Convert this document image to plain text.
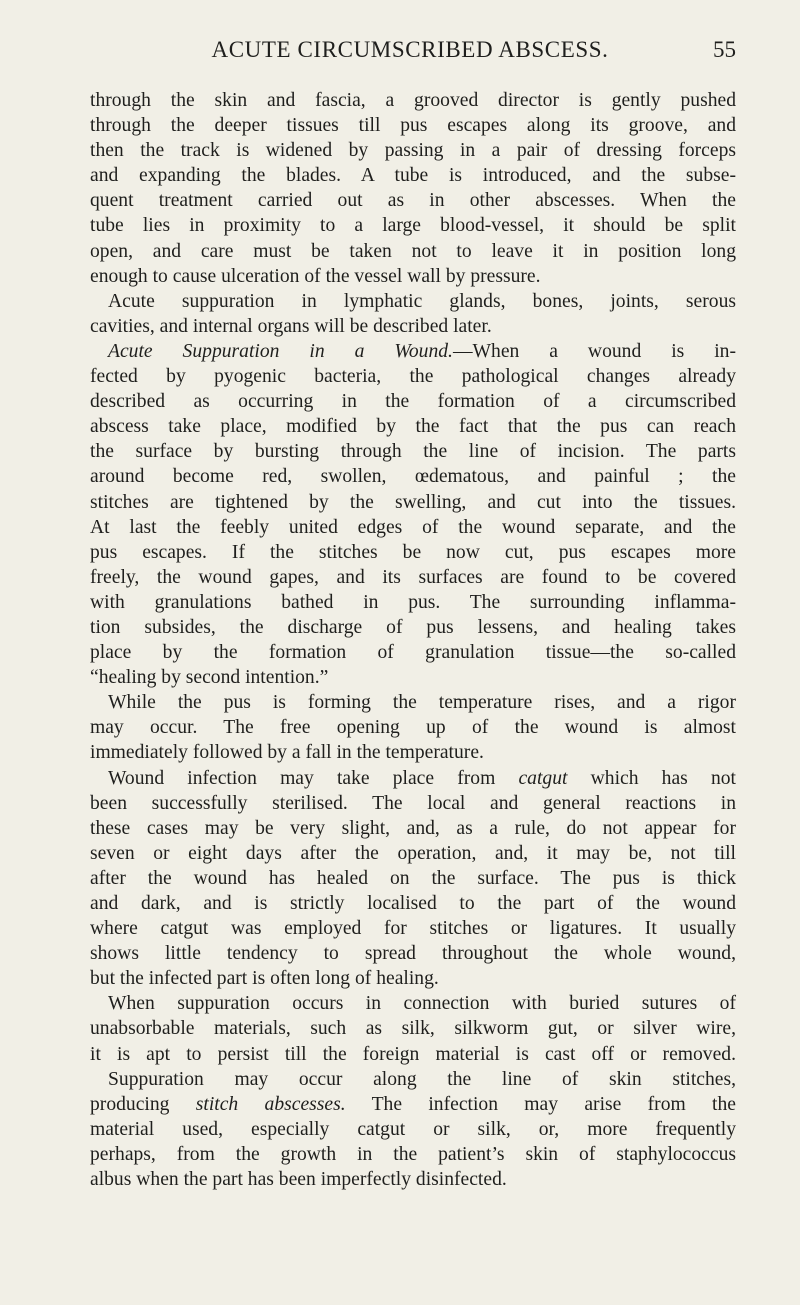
ACUTE CIRCUMSCRIBED ABSCESS.	55
through the skin and fascia, a grooved director is gently pushed
through the deeper tissues till pus escapes along its groove, and
then the track is widened by passing in a pair of dressing forceps
and expanding the blades. A tube is introduced, and the subse-
quent treatment carried out as in other abscesses. When the
tube lies in proximity to a large blood-vessel, it should be split
open, and care must be taken not to leave it in position long
enough to cause ulceration of the vessel wall by pressure.
Acute suppuration in lymphatic glands, bones, joints, serous
cavities, and internal organs will be described later.
Acute Suppuration in a Wound.—When a wound is in-
fected by pyogenic bacteria, the pathological changes already
described as occurring in the formation of a circumscribed
abscess take place, modified by the fact that the pus can reach
the surface by bursting through the line of incision. The parts
around become red, swollen, œdematous, and painful ; the
stitches are tightened by the swelling, and cut into the tissues.
At last the feebly united edges of the wound separate, and the
pus escapes. If the stitches be now cut, pus escapes more
freely, the wound gapes, and its surfaces are found to be covered
with granulations bathed in pus. The surrounding inflamma-
tion subsides, the discharge of pus lessens, and healing takes
place by the formation of granulation tissue—the so-called
“healing by second intention.”
While the pus is forming the temperature rises, and a rigor
may occur. The free opening up of the wound is almost
immediately followed by a fall in the temperature.
Wound infection may take place from catgut which has not
been successfully sterilised. The local and general reactions in
these cases may be very slight, and, as a rule, do not appear for
seven or eight days after the operation, and, it may be, not till
after the wound has healed on the surface. The pus is thick
and dark, and is strictly localised to the part of the wound
where catgut was employed for stitches or ligatures. It usually
shows little tendency to spread throughout the whole wound,
but the infected part is often long of healing.
When suppuration occurs in connection with buried sutures of
unabsorbable materials, such as silk, silkworm gut, or silver wire,
it is apt to persist till the foreign material is cast off or removed.
Suppuration may occur along the line of skin stitches,
producing stitch abscesses. The infection may arise from the
material used, especially catgut or silk, or, more frequently
perhaps, from the growth in the patient’s skin of staphylococcus
albus when the part has been imperfectly disinfected.
